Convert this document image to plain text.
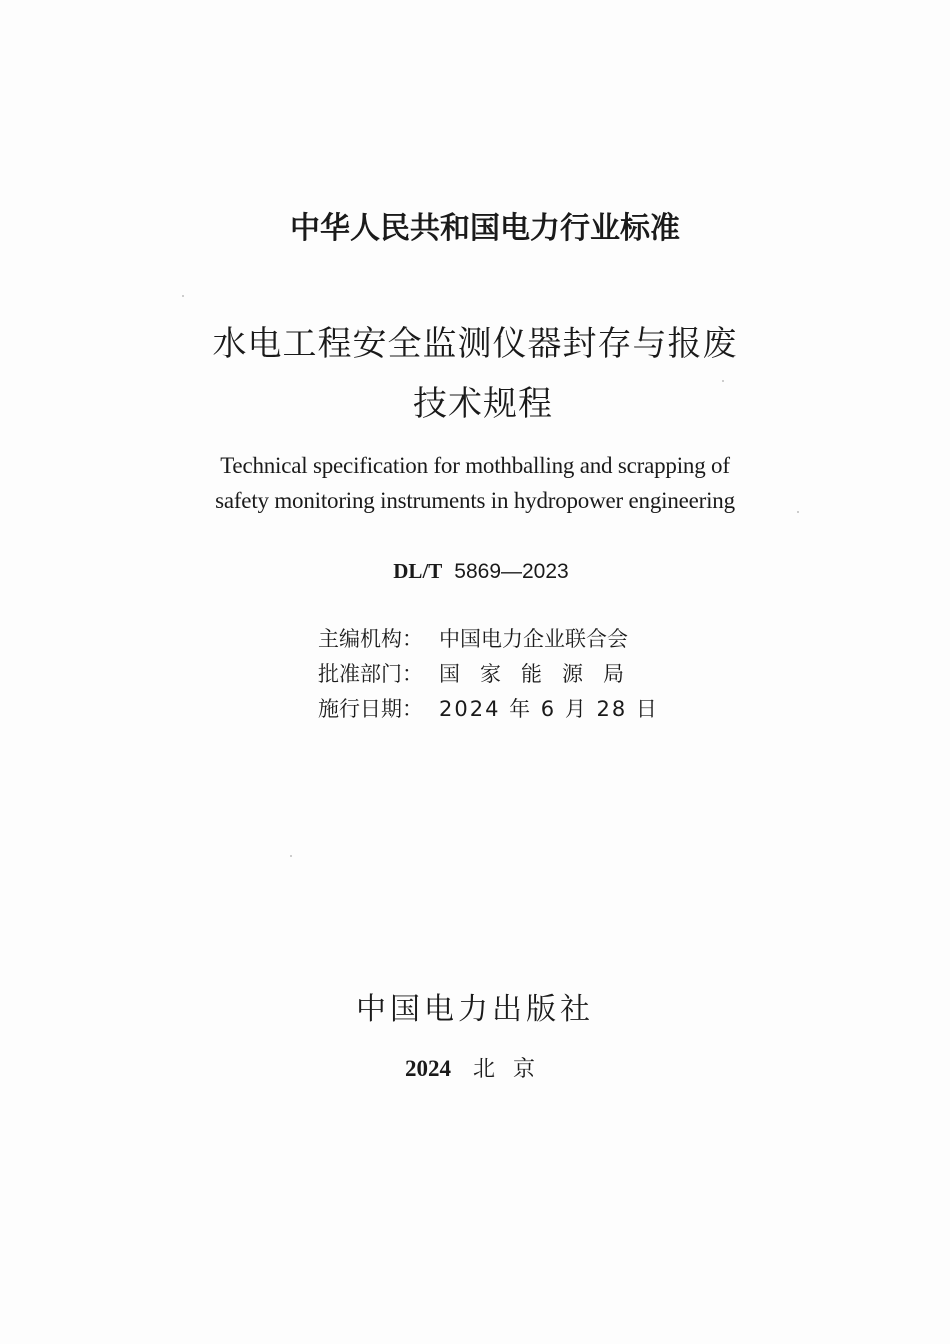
中华人民共和国电力行业标准
水电工程安全监测仪器封存与报废
技术规程
Technical specification for mothballing and scrapping of
safety monitoring instruments in hydropower engineering
DL/T 5869—2023
主编机构： 中国电力企业联合会
批准部门： 国家能源局
施行日期： 2024 年 6 月 28 日
中国电力出版社
2024 北京
